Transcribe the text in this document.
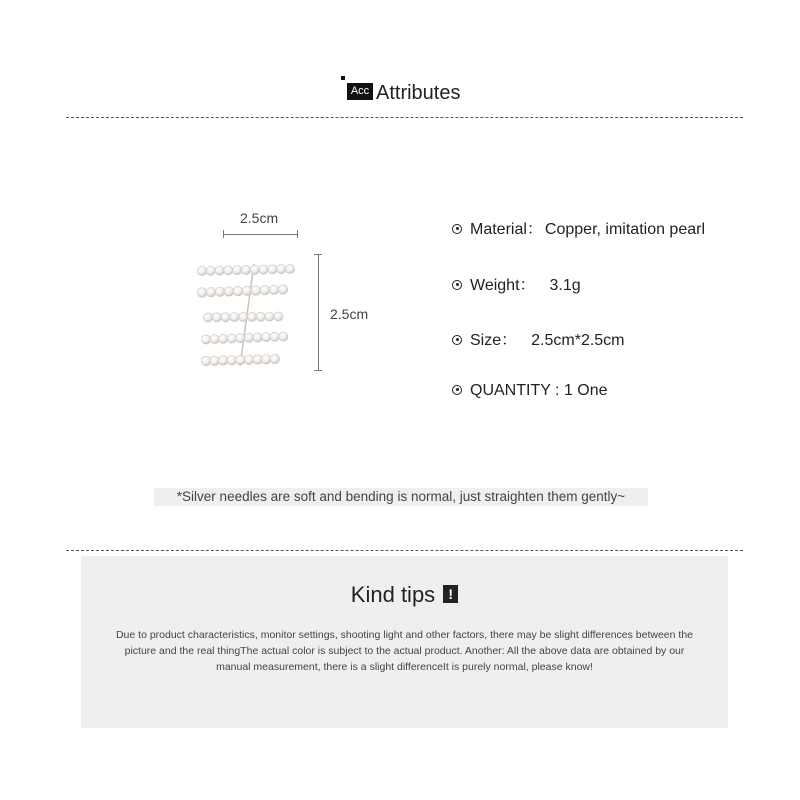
Acc Attributes
2.5cm
2.5cm
Material： Copper, imitation pearl
Weight： 3.1g
Size： 2.5cm*2.5cm
QUANTITY : 1 One
*Silver needles are soft and bending is normal, just straighten them gently~
Kind tips !
Due to product characteristics, monitor settings, shooting light and other factors, there may be slight differences between the picture and the real thingThe actual color is subject to the actual product. Another: All the above data are obtained by our manual measurement, there is a slight differenceIt is purely normal, please know!
